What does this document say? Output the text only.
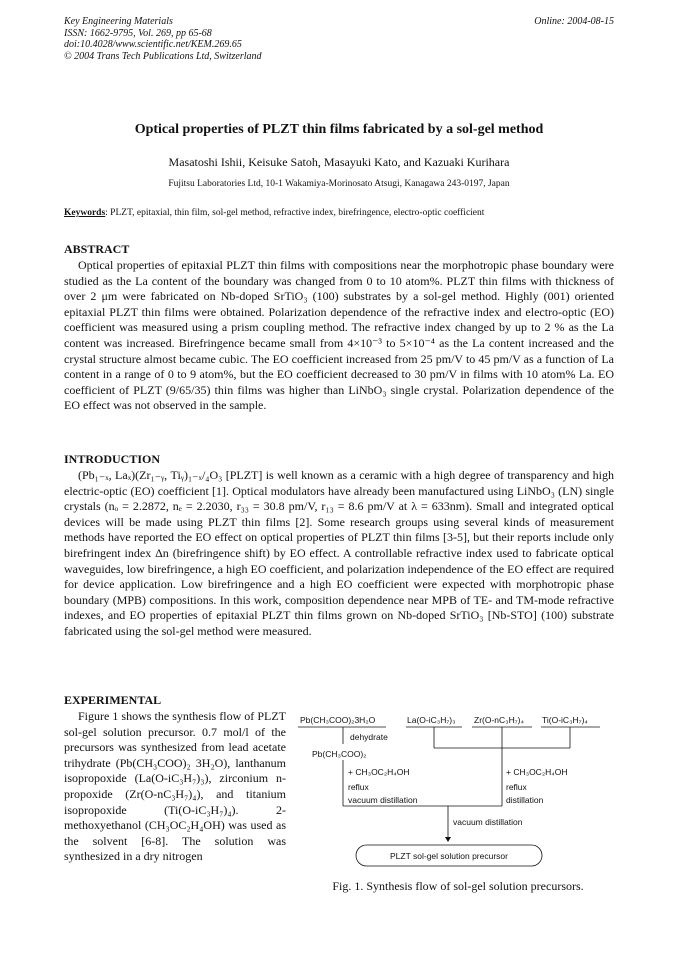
Key Engineering Materials
ISSN: 1662-9795, Vol. 269, pp 65-68
doi:10.4028/www.scientific.net/KEM.269.65
© 2004 Trans Tech Publications Ltd, Switzerland
Online: 2004-08-15
Optical properties of PLZT thin films fabricated by a sol-gel method
Masatoshi Ishii, Keisuke Satoh, Masayuki Kato, and Kazuaki Kurihara
Fujitsu Laboratories Ltd, 10-1 Wakamiya-Morinosato Atsugi, Kanagawa 243-0197, Japan
Keywords: PLZT, epitaxial, thin film, sol-gel method, refractive index, birefringence, electro-optic coefficient
ABSTRACT

Optical properties of epitaxial PLZT thin films with compositions near the morphotropic phase boundary were studied as the La content of the boundary was changed from 0 to 10 atom%. PLZT thin films with thickness of over 2 μm were fabricated on Nb-doped SrTiO₃ (100) substrates by a sol-gel method. Highly (001) oriented epitaxial PLZT thin films were obtained. Polarization dependence of the refractive index and electro-optic (EO) coefficient was measured using a prism coupling method. The refractive index changed by up to 2 % as the La content was increased. Birefringence became small from 4×10⁻³ to 5×10⁻⁴ as the La content increased and the crystal structure almost became cubic. The EO coefficient increased from 25 pm/V to 45 pm/V as a function of La content in a range of 0 to 9 atom%, but the EO coefficient decreased to 30 pm/V in films with 10 atom% La. EO coefficient of PLZT (9/65/35) thin films was higher than LiNbO₃ single crystal. Polarization dependence of the EO effect was not observed in the sample.

INTRODUCTION

(Pb₁₋ₓ, Laₓ)(Zr₁₋ᵧ, Tiᵧ)₁₋ₓ/₄O₃ [PLZT] is well known as a ceramic with a high degree of transparency and high electric-optic (EO) coefficient [1]. Optical modulators have already been manufactured using LiNbO₃ (LN) single crystals (nₒ = 2.2872, nₑ = 2.2030, r₃₃ = 30.8 pm/V, r₁₃ = 8.6 pm/V at λ = 633nm). Small and integrated optical devices will be made using PLZT thin films [2]. Some research groups using several kinds of measurement methods have reported the EO effect on optical properties of PLZT thin films [3-5], but their reports include only birefringent index Δn (birefringence shift) by EO effect. A controllable refractive index used to fabricate optical waveguides, low birefringence, a high EO coefficient, and polarization independence of the EO effect are required for device application. Low birefringence and a high EO coefficient were expected with morphotropic phase boundary (MPB) compositions. In this work, composition dependence near MPB of TE- and TM-mode refractive indexes, and EO properties of epitaxial PLZT thin films grown on Nb-doped SrTiO₃ [Nb-STO] (100) substrate fabricated using the sol-gel method were measured.

EXPERIMENTAL

Figure 1 shows the synthesis flow of PLZT sol-gel solution precursor. 0.7 mol/l of the precursors was synthesized from lead acetate trihydrate (Pb(CH₃COO)₂ 3H₂O), lanthanum isopropoxide (La(O-iC₃H₇)₃), zirconium n-propoxide (Zr(O-nC₃H₇)₄), and titanium isopropoxide (Ti(O-iC₃H₇)₄). 2-methoxyethanol (CH₃OC₂H₄OH) was used as the solvent [6-8]. The solution was synthesized in a dry nitrogen

Pb(CH₃COO)₂3H₂O	La(O-iC₃H₇)₃ Zr(O-nC₃H₇)₄ Ti(O-iC₃H₇)₄
dehydrate
Pb(CH₃COO)₂
+ CH₃OC₂H₄OH
reflux
vacuum distillation
+ CH₃OC₂H₄OH
reflux
distillation
vacuum distillation
PLZT sol-gel solution precursor
Fig. 1. Synthesis flow of sol-gel solution precursors.
